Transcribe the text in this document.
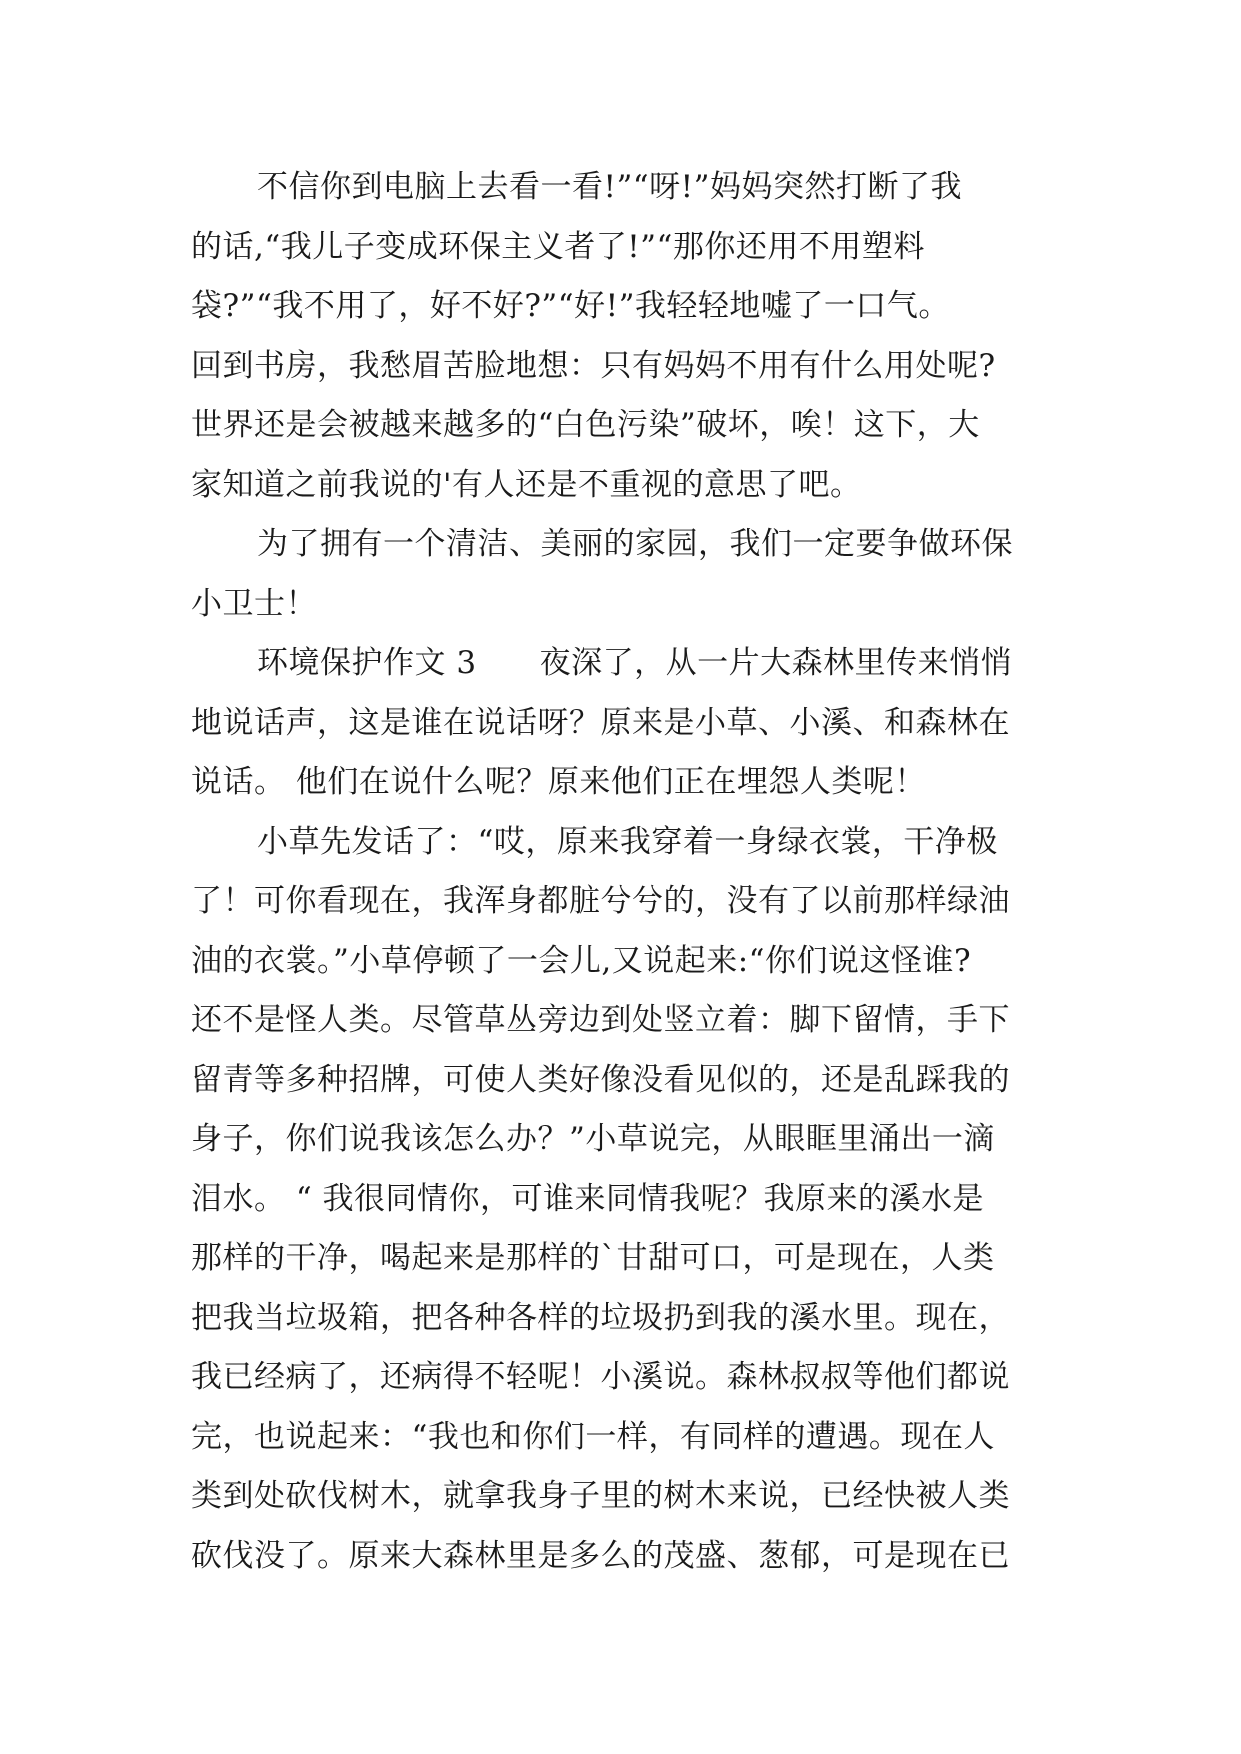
不信你到电脑上去看一看!”“呀!”妈妈突然打断了我
的话,“我儿子变成环保主义者了!”“那你还用不用塑料
袋?”“我不用了，好不好?”“好!”我轻轻地嘘了一口气。
回到书房，我愁眉苦脸地想：只有妈妈不用有什么用处呢?
世界还是会被越来越多的“白色污染”破坏，唉！这下，大
家知道之前我说的'有人还是不重视的意思了吧。
为了拥有一个清洁、美丽的家园，我们一定要争做环保
小卫士！
环境保护作文 3　　夜深了，从一片大森林里传来悄悄
地说话声，这是谁在说话呀？原来是小草、小溪、和森林在
说话。 他们在说什么呢？原来他们正在埋怨人类呢！
小草先发话了：“哎，原来我穿着一身绿衣裳，干净极
了！可你看现在，我浑身都脏兮兮的，没有了以前那样绿油
油的衣裳。”小草停顿了一会儿,又说起来:“你们说这怪谁?
还不是怪人类。尽管草丛旁边到处竖立着：脚下留情，手下
留青等多种招牌，可使人类好像没看见似的，还是乱踩我的
身子，你们说我该怎么办？”小草说完，从眼眶里涌出一滴
泪水。 “ 我很同情你，可谁来同情我呢？我原来的溪水是
那样的干净，喝起来是那样的`甘甜可口，可是现在，人类
把我当垃圾箱，把各种各样的垃圾扔到我的溪水里。现在，
我已经病了，还病得不轻呢！小溪说。森林叔叔等他们都说
完，也说起来：“我也和你们一样，有同样的遭遇。现在人
类到处砍伐树木，就拿我身子里的树木来说，已经快被人类
砍伐没了。原来大森林里是多么的茂盛、葱郁，可是现在已
